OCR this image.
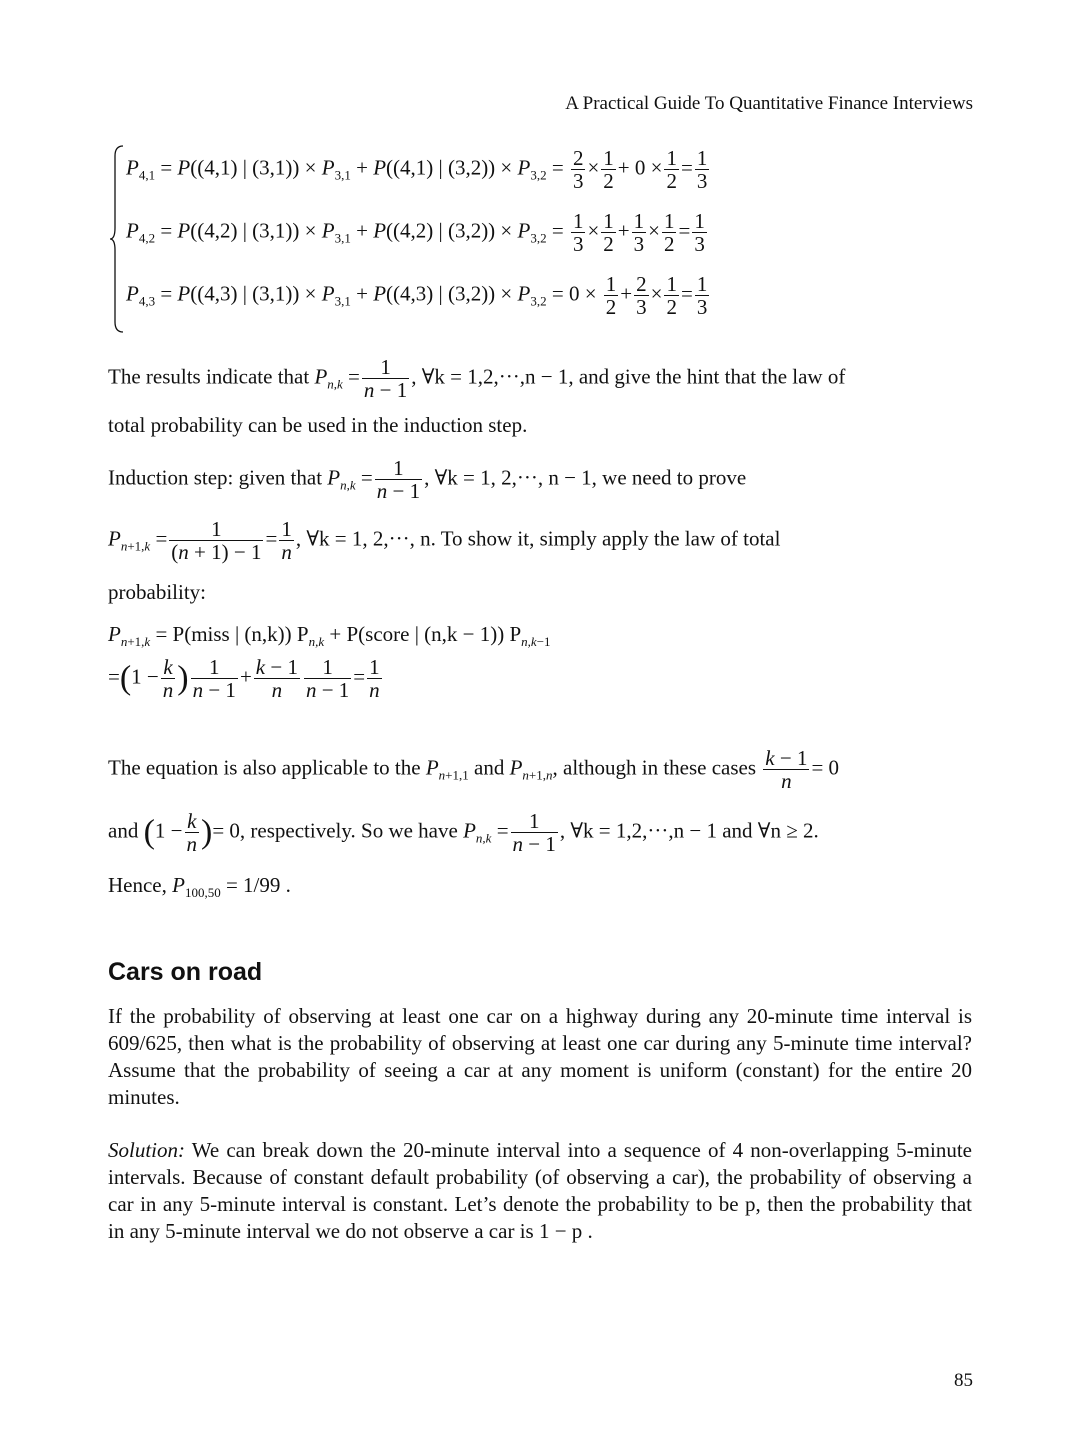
A Practical Guide To Quantitative Finance Interviews
$P_{4,1} = P((4,1)$ | $(3,1)) \times P_{3,1} + P((4,1)$ | $(3,2)) \times P_{3,2} = \frac{2}{3} \times \frac{1}{2} + 0 \times \frac{1}{2} = \frac{1}{3}$
$P_{4,2} = P((4,2)$ | $(3,1)) \times P_{3,1} + P((4,2)$ | $(3,2)) \times P_{3,2} = \frac{1}{3} \times \frac{1}{2} + \frac{1}{3} \times \frac{1}{2} = \frac{1}{3}$
$P_{4,3} = P((4,3)$ | $(3,1)) \times P_{3,1} + P((4,3)$ | $(3,2)) \times P_{3,2} = 0 \times \frac{1}{2} + \frac{2}{3} \times \frac{1}{2} = \frac{1}{3}$
The results indicate that $P_{n,k} = \frac{1}{n - 1}$ , ∀k = 1,2,···,n − 1, and give the hint that the law of
total probability can be used in the induction step.
Induction step: given that $P_{n,k} = \frac{1}{n - 1}$ , ∀k = 1, 2,···, n − 1, we need to prove
$P_{n+1,k} = \frac{1}{(n + 1) - 1} = \frac{1}{n}$ , ∀k = 1, 2,···, n. To show it, simply apply the law of total
probability:
$P_{n+1,k}$ = P(miss | (n,k)) $P_{n,k}$ + P(score | (n,k − 1)) $P_{n,k-1}$
$=(1 - \frac{k}{n}$ ) $\frac{1}{n - 1} + \frac{k - 1}{n} \frac{1}{n - 1} = \frac{1}{n}$
The equation is also applicable to the $P_{n+1,1}$ and $P_{n+1,n}$, although in these cases $\frac{k - 1}{n} = 0$
and ($1 - \frac{k}{n}$ )= 0, respectively. So we have $P_{n,k} = \frac{1}{n - 1}$ , ∀k = 1,2,···,n − 1 and ∀n ≥ 2.
Hence, $P_{100,50} = 1/99$ .
Cars on road
If the probability of observing at least one car on a highway during any 20-minute time interval is 609/625, then what is the probability of observing at least one car during any 5-minute time interval? Assume that the probability of seeing a car at any moment is uniform (constant) for the entire 20 minutes.
Solution: We can break down the 20-minute interval into a sequence of 4 non-overlapping 5-minute intervals. Because of constant default probability (of observing a car), the probability of observing a car in any 5-minute interval is constant. Let’s denote the probability to be p, then the probability that in any 5-minute interval we do not observe a car is 1 − p .
85
